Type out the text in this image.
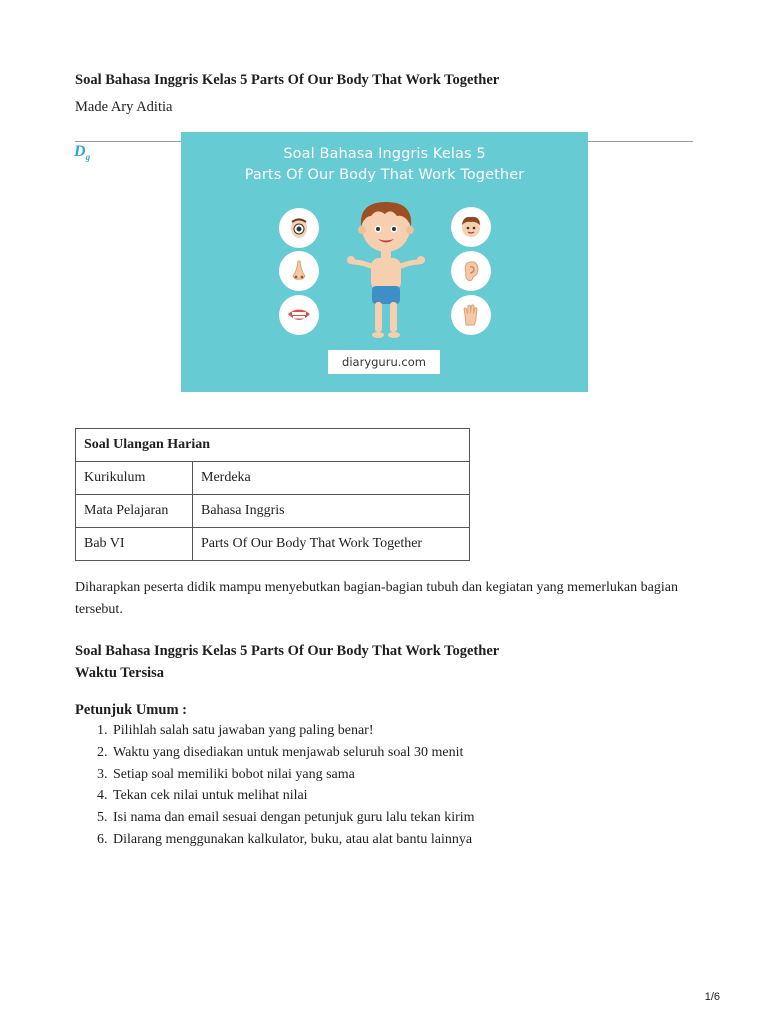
Soal Bahasa Inggris Kelas 5 Parts Of Our Body That Work Together

Made Ary Aditia

$D_g$	Soal Bahasa Inggris Kelas 5
Parts Of Our Body That Work Together
diaryguru.com
Soal Ulangan Harian	
Kurikulum	Merdeka
Mata Pelajaran	Bahasa Inggris
Bab VI	Parts Of Our Body That Work Together

Diharapkan peserta didik mampu menyebutkan bagian-bagian tubuh dan kegiatan yang memerlukan bagian tersebut.

Soal Bahasa Inggris Kelas 5 Parts Of Our Body That Work Together

Waktu Tersisa

Petunjuk Umum :

1. Pilihlah salah satu jawaban yang paling benar!
2. Waktu yang disediakan untuk menjawab seluruh soal 30 menit
3. Setiap soal memiliki bobot nilai yang sama
4. Tekan cek nilai untuk melihat nilai
5. Isi nama dan email sesuai dengan petunjuk guru lalu tekan kirim
6. Dilarang menggunakan kalkulator, buku, atau alat bantu lainnya
1/6
